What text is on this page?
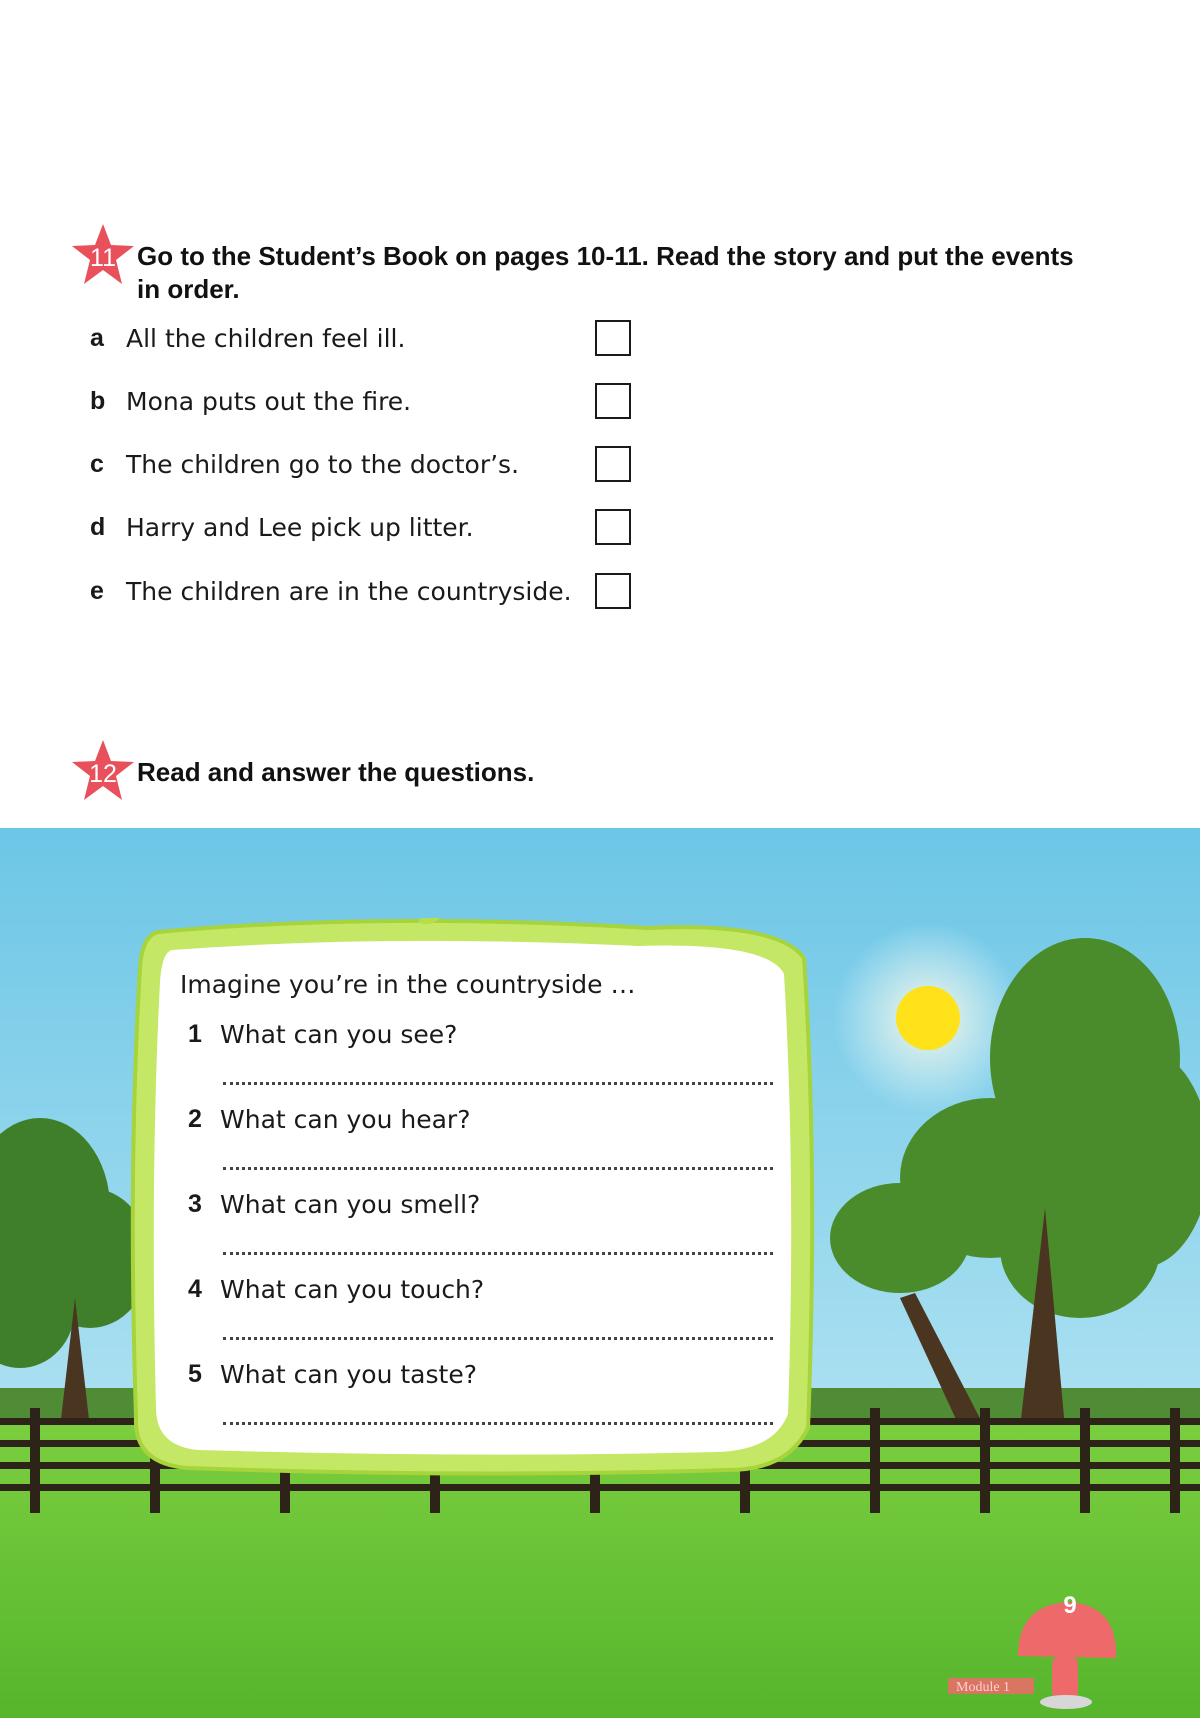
11 Go to the Student’s Book on pages 10-11. Read the story and put the events
in order.
a All the children feel ill.
b Mona puts out the fire.
c The children go to the doctor’s.
d Harry and Lee pick up litter.
e The children are in the countryside.
12 Read and answer the questions.
Imagine you’re in the countryside …
1 What can you see?
2 What can you hear?
3 What can you smell?
4 What can you touch?
5 What can you taste?
Module 1
9
